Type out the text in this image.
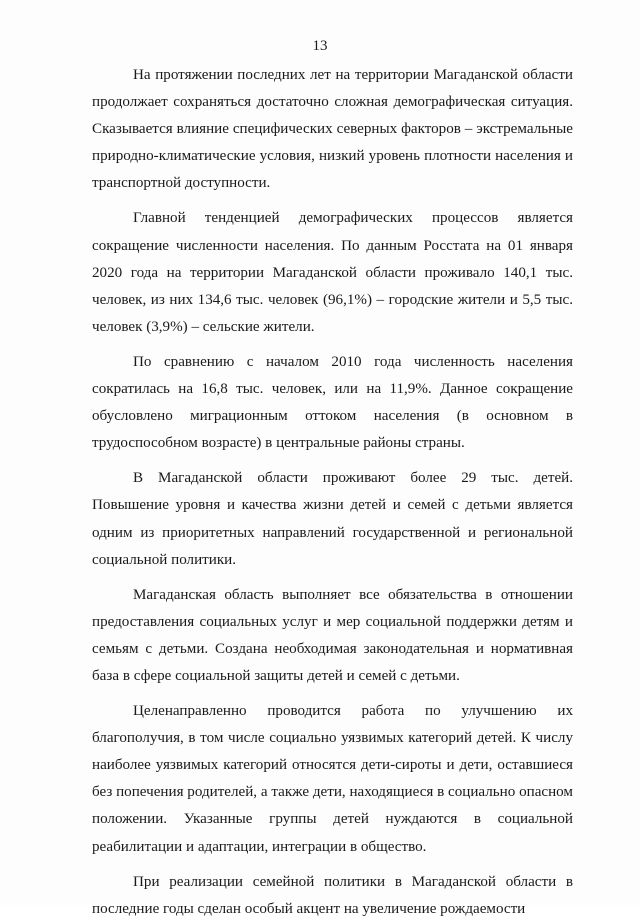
13

На протяжении последних лет на территории Магаданской области продолжает сохраняться достаточно сложная демографическая ситуация. Сказывается влияние специфических северных факторов – экстремальные природно-климатические условия, низкий уровень плотности населения и транспортной доступности.

Главной тенденцией демографических процессов является сокращение численности населения. По данным Росстата на 01 января 2020 года на территории Магаданской области проживало 140,1 тыс. человек, из них 134,6 тыс. человек (96,1%) – городские жители и 5,5 тыс. человек (3,9%) – сельские жители.

По сравнению с началом 2010 года численность населения сократилась на 16,8 тыс. человек, или на 11,9%. Данное сокращение обусловлено миграционным оттоком населения (в основном в трудоспособном возрасте) в центральные районы страны.

В Магаданской области проживают более 29 тыс. детей. Повышение уровня и качества жизни детей и семей с детьми является одним из приоритетных направлений государственной и региональной социальной политики.

Магаданская область выполняет все обязательства в отношении предоставления социальных услуг и мер социальной поддержки детям и семьям с детьми. Создана необходимая законодательная и нормативная база в сфере социальной защиты детей и семей с детьми.

Целенаправленно проводится работа по улучшению их благополучия, в том числе социально уязвимых категорий детей. К числу наиболее уязвимых категорий относятся дети-сироты и дети, оставшиеся без попечения родителей, а также дети, находящиеся в социально опасном положении. Указанные группы детей нуждаются в социальной реабилитации и адаптации, интеграции в общество.

При реализации семейной политики в Магаданской области в последние годы сделан особый акцент на увеличение рождаемости
